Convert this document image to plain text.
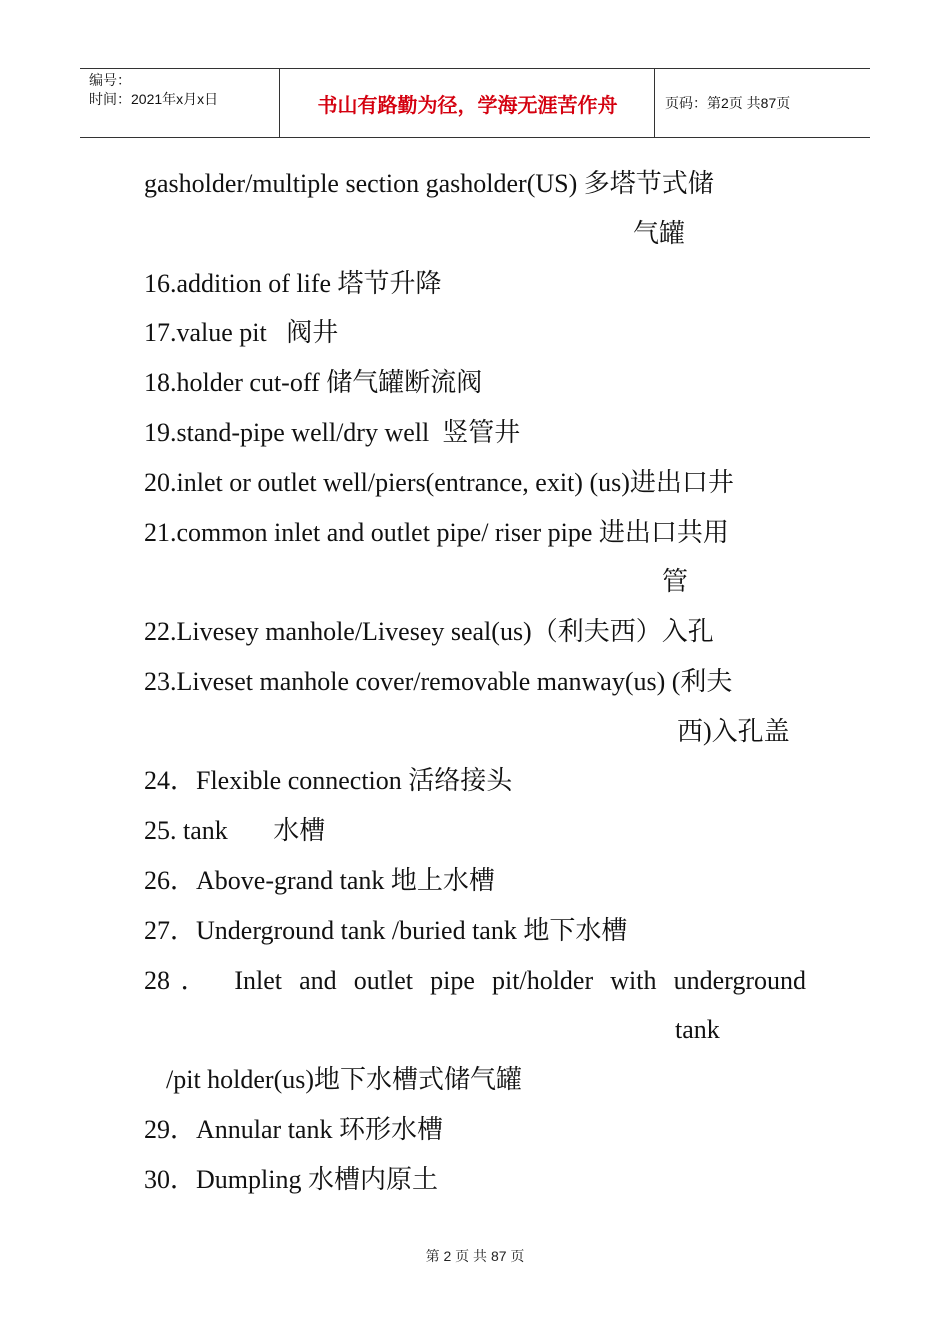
编号：
时间：2021年x月x日	书山有路勤为径，学海无涯苦作舟	页码：第2页 共87页
gasholder/multiple section gasholder(US) 多塔节式储
气罐
16.addition of life 塔节升降
17.value pit   阀井
18.holder cut-off 储气罐断流阀
19.stand-pipe well/dry well  竖管井
20.inlet or outlet well/piers(entrance, exit) (us)进出口井
21.common inlet and outlet pipe/ riser pipe 进出口共用
管
22.Livesey manhole/Livesey seal(us)（利夫西）入孔
23.Liveset manhole cover/removable manway(us) (利夫
西)入孔盖
24．Flexible connection 活络接头
25. tank       水槽
26．Above-grand tank 地上水槽
27．Underground tank /buried tank 地下水槽
28． Inlet and outlet pipe pit/holder with underground
tank
/pit holder(us)地下水槽式储气罐
29．Annular tank 环形水槽
30．Dumpling 水槽内原土
第 2 页 共 87 页
